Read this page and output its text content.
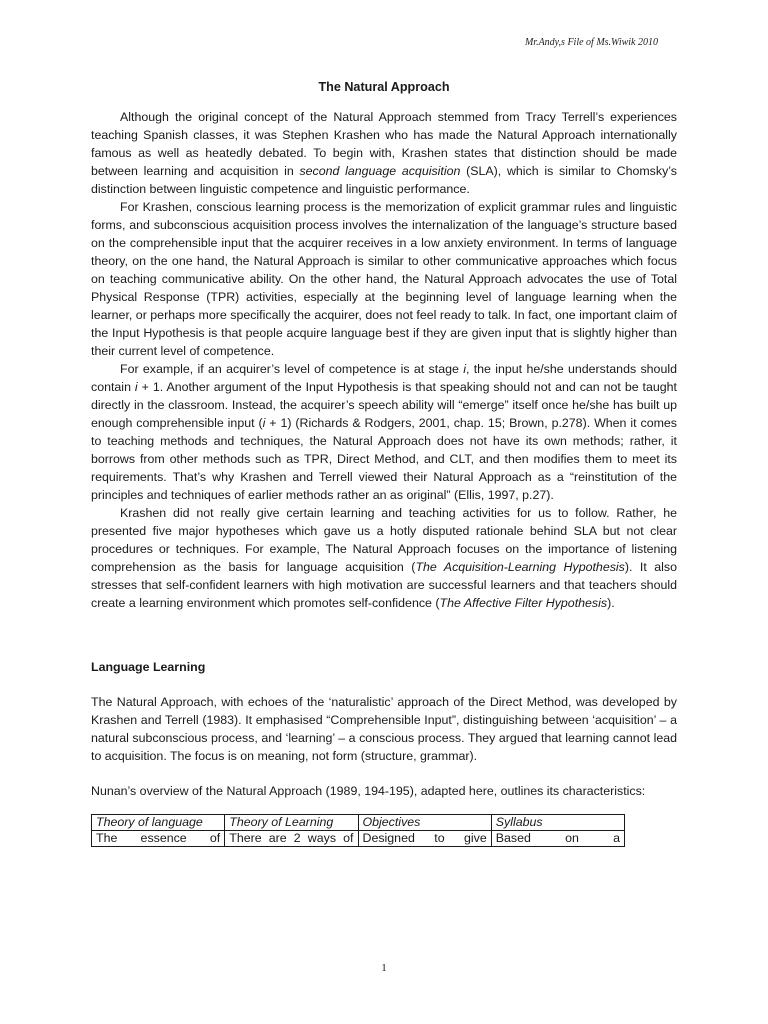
Mr.Andy,s File of Ms.Wiwik 2010

The Natural Approach

Although the original concept of the Natural Approach stemmed from Tracy Terrell’s experiences teaching Spanish classes, it was Stephen Krashen who has made the Natural Approach internationally famous as well as heatedly debated. To begin with, Krashen states that distinction should be made between learning and acquisition in second language acquisition (SLA), which is similar to Chomsky’s distinction between linguistic competence and linguistic performance.

For Krashen, conscious learning process is the memorization of explicit grammar rules and linguistic forms, and subconscious acquisition process involves the internalization of the language’s structure based on the comprehensible input that the acquirer receives in a low anxiety environment. In terms of language theory, on the one hand, the Natural Approach is similar to other communicative approaches which focus on teaching communicative ability. On the other hand, the Natural Approach advocates the use of Total Physical Response (TPR) activities, especially at the beginning level of language learning when the learner, or perhaps more specifically the acquirer, does not feel ready to talk. In fact, one important claim of the Input Hypothesis is that people acquire language best if they are given input that is slightly higher than their current level of competence.

For example, if an acquirer’s level of competence is at stage i, the input he/she understands should contain i + 1. Another argument of the Input Hypothesis is that speaking should not and can not be taught directly in the classroom. Instead, the acquirer’s speech ability will “emerge” itself once he/she has built up enough comprehensible input (i + 1) (Richards & Rodgers, 2001, chap. 15; Brown, p.278). When it comes to teaching methods and techniques, the Natural Approach does not have its own methods; rather, it borrows from other methods such as TPR, Direct Method, and CLT, and then modifies them to meet its requirements. That’s why Krashen and Terrell viewed their Natural Approach as a “reinstitution of the principles and techniques of earlier methods rather an as original” (Ellis, 1997, p.27).

Krashen did not really give certain learning and teaching activities for us to follow. Rather, he presented five major hypotheses which gave us a hotly disputed rationale behind SLA but not clear procedures or techniques. For example, The Natural Approach focuses on the importance of listening comprehension as the basis for language acquisition (The Acquisition-Learning Hypothesis). It also stresses that self-confident learners with high motivation are successful learners and that teachers should create a learning environment which promotes self-confidence (The Affective Filter Hypothesis).

Language Learning

The Natural Approach, with echoes of the ‘naturalistic’ approach of the Direct Method, was developed by Krashen and Terrell (1983). It emphasised “Comprehensible Input”, distinguishing between ‘acquisition’ – a natural subconscious process, and ‘learning’ – a conscious process. They argued that learning cannot lead to acquisition. The focus is on meaning, not form (structure, grammar).

Nunan’s overview of the Natural Approach (1989, 194-195), adapted here, outlines its characteristics:

Theory of language	Theory of Learning	Objectives	Syllabus
The essence of	There are 2 ways of	Designed to give	Based on a
1
